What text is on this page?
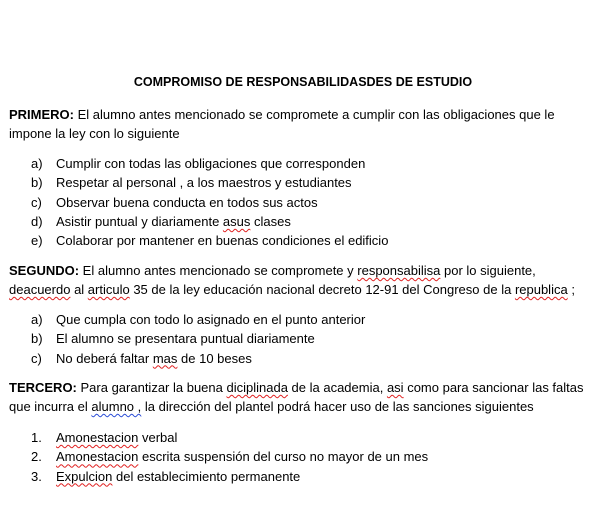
COMPROMISO DE RESPONSABILIDASDES DE ESTUDIO

PRIMERO: El alumno antes mencionado se compromete a cumplir con las obligaciones que le impone la ley con lo siguiente

a)	Cumplir con todas las obligaciones que corresponden
b)	Respetar al personal , a los maestros y estudiantes
c)	Observar buena conducta en todos sus actos
d)	Asistir puntual y diariamente asus clases
e)	Colaborar por mantener en buenas condiciones el edificio

SEGUNDO: El alumno antes mencionado se compromete y responsabilisa por lo siguiente, deacuerdo al articulo 35 de la ley educación nacional decreto 12-91 del Congreso de la republica ;

a)	Que cumpla con todo lo asignado en el punto anterior
b)	El alumno se presentara puntual diariamente
c)	No deberá faltar mas de 10 beses

TERCERO: Para garantizar la buena diciplinada de la academia, asi como para sancionar las faltas que incurra el alumno , la dirección del plantel podrá hacer uso de las sanciones siguientes

1.	Amonestacion verbal
2.	Amonestacion escrita suspensión del curso no mayor de un mes
3.	Expulcion del establecimiento permanente
